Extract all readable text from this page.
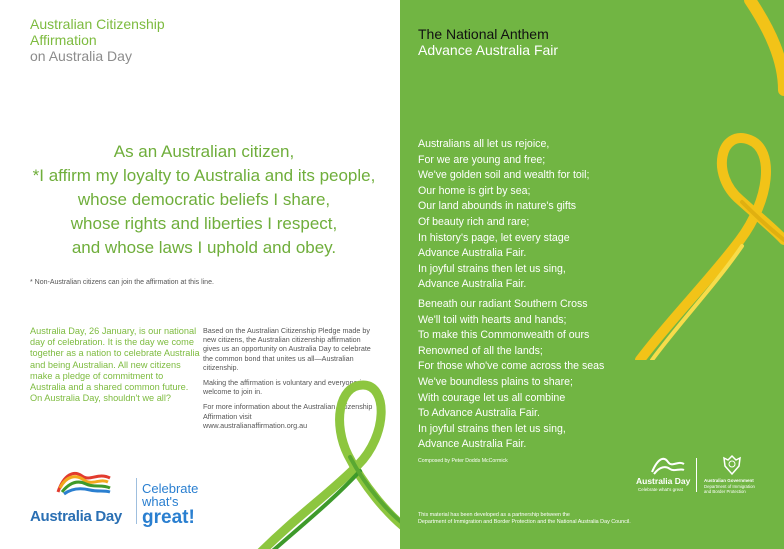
Australian Citizenship
Affirmation
on Australia Day
As an Australian citizen,
*I affirm my loyalty to Australia and its people,
whose democratic beliefs I share,
whose rights and liberties I respect,
and whose laws I uphold and obey.
* Non-Australian citizens can join the affirmation at this line.
Australia Day, 26 January, is our national day of celebration. It is the day we come together as a nation to celebrate Australia and being Australian. All new citizens make a pledge of commitment to Australia and a shared common future. On Australia Day, shouldn't we all?

Based on the Australian Citizenship Pledge made by new citizens, the Australian citizenship affirmation gives us an opportunity on Australia Day to celebrate the common bond that unites us all—Australian citizenship.

Making the affirmation is voluntary and everyone is welcome to join in.

For more information about the Australian Citizenship Affirmation visit
www.australianaffirmation.org.au

Australia Day
Celebrate
what's
great!
The National Anthem
Advance Australia Fair
Australians all let us rejoice,
For we are young and free;
We've golden soil and wealth for toil;
Our home is girt by sea;
Our land abounds in nature's gifts
Of beauty rich and rare;
In history's page, let every stage
Advance Australia Fair.
In joyful strains then let us sing,
Advance Australia Fair.
Beneath our radiant Southern Cross
We'll toil with hearts and hands;
To make this Commonwealth of ours
Renowned of all the lands;
For those who've come across the seas
We've boundless plains to share;
With courage let us all combine
To Advance Australia Fair.
In joyful strains then let us sing,
Advance Australia Fair.
Composed by Peter Dodds McCormick
Australia Day
Celebrate what's great
Australian Government
Department of Immigration
and Border Protection
This material has been developed as a partnership between the
Department of Immigration and Border Protection and the National Australia Day Council.
